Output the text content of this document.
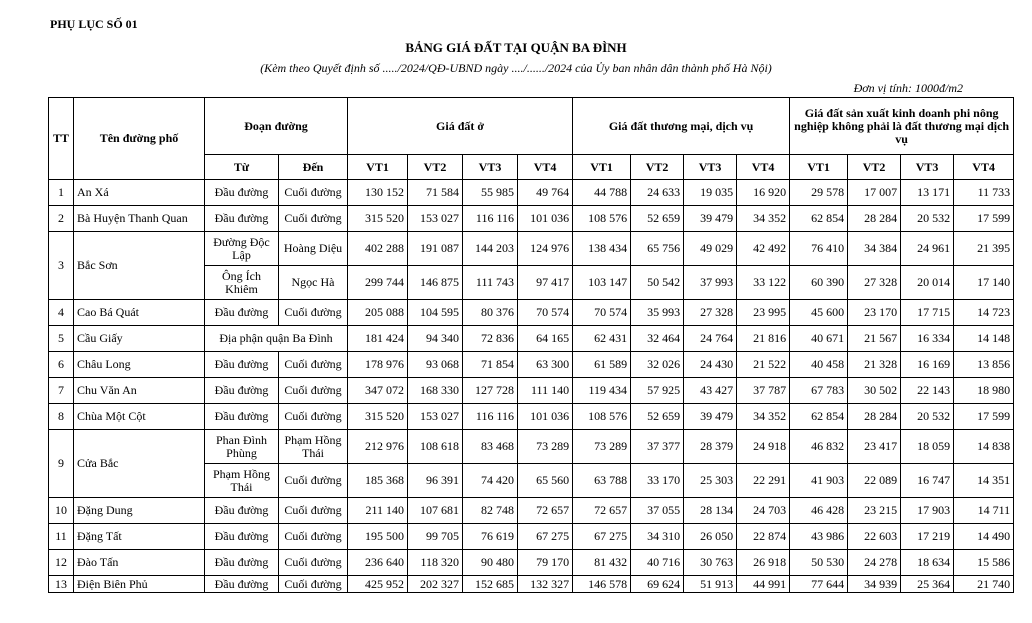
PHỤ LỤC SỐ 01
BẢNG GIÁ ĐẤT TẠI QUẬN BA ĐÌNH
(Kèm theo Quyết định số ...../2024/QĐ-UBND ngày ..../....../2024 của Ủy ban nhân dân thành phố Hà Nội)
Đơn vị tính: 1000đ/m2
TT	Tên đường phố	Đoạn đường		Giá đất ở				Giá đất thương mại, dịch vụ				Giá đất sản xuất kinh doanh phi nông nghiệp không phải là đất thương mại dịch vụ			
		Từ	Đến	VT1	VT2	VT3	VT4	VT1	VT2	VT3	VT4	VT1	VT2	VT3	VT4
1	An Xá	Đầu đường	Cuối đường	130 152	71 584	55 985	49 764	44 788	24 633	19 035	16 920	29 578	17 007	13 171	11 733
2	Bà Huyện Thanh Quan	Đầu đường	Cuối đường	315 520	153 027	116 116	101 036	108 576	52 659	39 479	34 352	62 854	28 284	20 532	17 599
3	Bắc Sơn	Đường Độc Lập	Hoàng Diệu	402 288	191 087	144 203	124 976	138 434	65 756	49 029	42 492	76 410	34 384	24 961	21 395
		Ông Ích Khiêm	Ngọc Hà	299 744	146 875	111 743	97 417	103 147	50 542	37 993	33 122	60 390	27 328	20 014	17 140
4	Cao Bá Quát	Đầu đường	Cuối đường	205 088	104 595	80 376	70 574	70 574	35 993	27 328	23 995	45 600	23 170	17 715	14 723
5	Cầu Giấy	Địa phận quận Ba Đình		181 424	94 340	72 836	64 165	62 431	32 464	24 764	21 816	40 671	21 567	16 334	14 148
6	Châu Long	Đầu đường	Cuối đường	178 976	93 068	71 854	63 300	61 589	32 026	24 430	21 522	40 458	21 328	16 169	13 856
7	Chu Văn An	Đầu đường	Cuối đường	347 072	168 330	127 728	111 140	119 434	57 925	43 427	37 787	67 783	30 502	22 143	18 980
8	Chùa Một Cột	Đầu đường	Cuối đường	315 520	153 027	116 116	101 036	108 576	52 659	39 479	34 352	62 854	28 284	20 532	17 599
9	Cửa Bắc	Phan Đình Phùng	Phạm Hồng Thái	212 976	108 618	83 468	73 289	73 289	37 377	28 379	24 918	46 832	23 417	18 059	14 838
		Phạm Hồng Thái	Cuối đường	185 368	96 391	74 420	65 560	63 788	33 170	25 303	22 291	41 903	22 089	16 747	14 351
10	Đặng Dung	Đầu đường	Cuối đường	211 140	107 681	82 748	72 657	72 657	37 055	28 134	24 703	46 428	23 215	17 903	14 711
11	Đặng Tất	Đầu đường	Cuối đường	195 500	99 705	76 619	67 275	67 275	34 310	26 050	22 874	43 986	22 603	17 219	14 490
12	Đào Tấn	Đầu đường	Cuối đường	236 640	118 320	90 480	79 170	81 432	40 716	30 763	26 918	50 530	24 278	18 634	15 586
13	Điện Biên Phủ	Đầu đường	Cuối đường	425 952	202 327	152 685	132 327	146 578	69 624	51 913	44 991	77 644	34 939	25 364	21 740
